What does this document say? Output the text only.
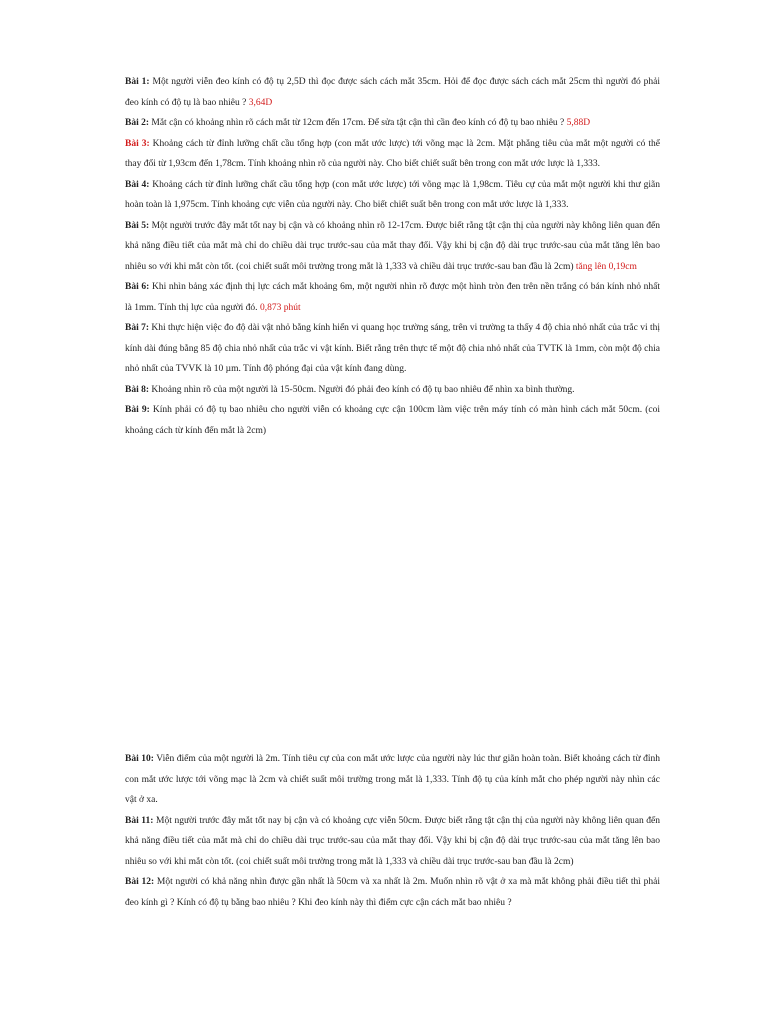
Bài 1: Một người viễn đeo kính có độ tụ 2,5D thì đọc được sách cách mắt 35cm. Hỏi để đọc được sách cách mắt 25cm thì người đó phải đeo kính có độ tụ là bao nhiêu ? 3,64D

Bài 2: Mắt cận có khoảng nhìn rõ cách mắt từ 12cm đến 17cm. Để sửa tật cận thì cần đeo kính có độ tụ bao nhiêu ? 5,88D

Bài 3: Khoảng cách từ đỉnh lưỡng chất cầu tổng hợp (con mắt ước lược) tới võng mạc là 2cm. Mặt phẳng tiêu của mắt một người có thể thay đổi từ 1,93cm đến 1,78cm. Tính khoảng nhìn rõ của người này. Cho biết chiết suất bên trong con mắt ước lược là 1,333.

Bài 4: Khoảng cách từ đỉnh lưỡng chất cầu tổng hợp (con mắt ước lược) tới võng mạc là 1,98cm. Tiêu cự của mắt một người khi thư giãn hoàn toàn là 1,975cm. Tính khoảng cực viễn của người này. Cho biết chiết suất bên trong con mắt ước lược là 1,333.

Bài 5: Một người trước đây mắt tốt nay bị cận và có khoảng nhìn rõ 12-17cm. Được biết rằng tật cận thị của người này không liên quan đến khả năng điều tiết của mắt mà chỉ do chiều dài trục trước-sau của mắt thay đổi. Vậy khi bị cận độ dài trục trước-sau của mắt tăng lên bao nhiêu so với khi mắt còn tốt. (coi chiết suất môi trường trong mắt là 1,333 và chiều dài trục trước-sau ban đầu là 2cm) tăng lên 0,19cm

Bài 6: Khi nhìn bảng xác định thị lực cách mắt khoảng 6m, một người nhìn rõ được một hình tròn đen trên nền trắng có bán kính nhỏ nhất là 1mm. Tính thị lực của người đó. 0,873 phút

Bài 7: Khi thực hiện việc đo độ dài vật nhỏ bằng kính hiển vi quang học trường sáng, trên vi trường ta thấy 4 độ chia nhỏ nhất của trắc vi thị kính dài đúng bằng 85 độ chia nhỏ nhất của trắc vi vật kính. Biết rằng trên thực tế một độ chia nhỏ nhất của TVTK là 1mm, còn một độ chia nhỏ nhất của TVVK là 10 µm. Tính độ phóng đại của vật kính đang dùng.

Bài 8: Khoảng nhìn rõ của một người là 15-50cm. Người đó phải đeo kính có độ tụ bao nhiêu để nhìn xa bình thường.

Bài 9: Kính phải có độ tụ bao nhiêu cho người viễn có khoảng cực cận 100cm làm việc trên máy tính có màn hình cách mắt 50cm. (coi khoảng cách từ kính đến mắt là 2cm)

Bài 10: Viễn điểm của một người là 2m. Tính tiêu cự của con mắt ước lược của người này lúc thư giãn hoàn toàn. Biết khoảng cách từ đỉnh con mắt ước lược tới võng mạc là 2cm và chiết suất môi trường trong mắt là 1,333. Tính độ tụ của kính mắt cho phép người này nhìn các vật ở xa.

Bài 11: Một người trước đây mắt tốt nay bị cận và có khoảng cực viễn 50cm. Được biết rằng tật cận thị của người này không liên quan đến khả năng điều tiết của mắt mà chỉ do chiều dài trục trước-sau của mắt thay đổi. Vậy khi bị cận độ dài trục trước-sau của mắt tăng lên bao nhiêu so với khi mắt còn tốt. (coi chiết suất môi trường trong mắt là 1,333 và chiều dài trục trước-sau ban đầu là 2cm)

Bài 12: Một người có khả năng nhìn được gần nhất là 50cm và xa nhất là 2m. Muốn nhìn rõ vật ở xa mà mắt không phải điều tiết thì phải đeo kính gì ? Kính có độ tụ bằng bao nhiêu ? Khi đeo kính này thì điểm cực cận cách mắt bao nhiêu ?
